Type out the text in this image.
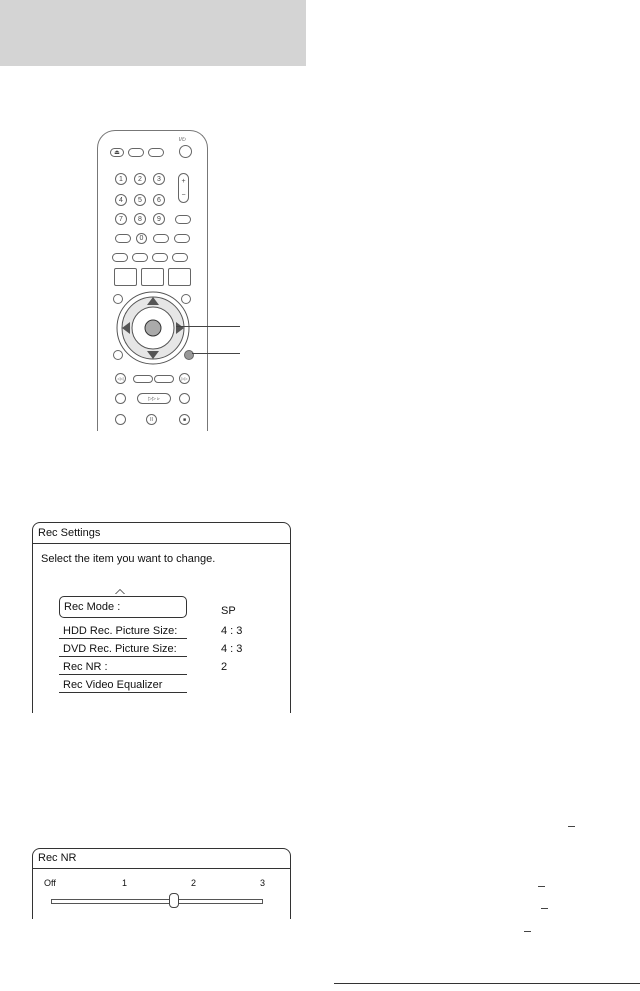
I/⏻
⏏
1 2 3
4 5 6
7 8 9
0
+
−
◁◁	▷▷
▷▷ ▹
II	■
Rec Settings
Select the item you want to change.
Rec Mode :	SP
HDD Rec. Picture Size:	4 : 3
DVD Rec. Picture Size:	4 : 3
Rec NR :	2
Rec Video Equalizer
Rec NR
Off	1	2	3
